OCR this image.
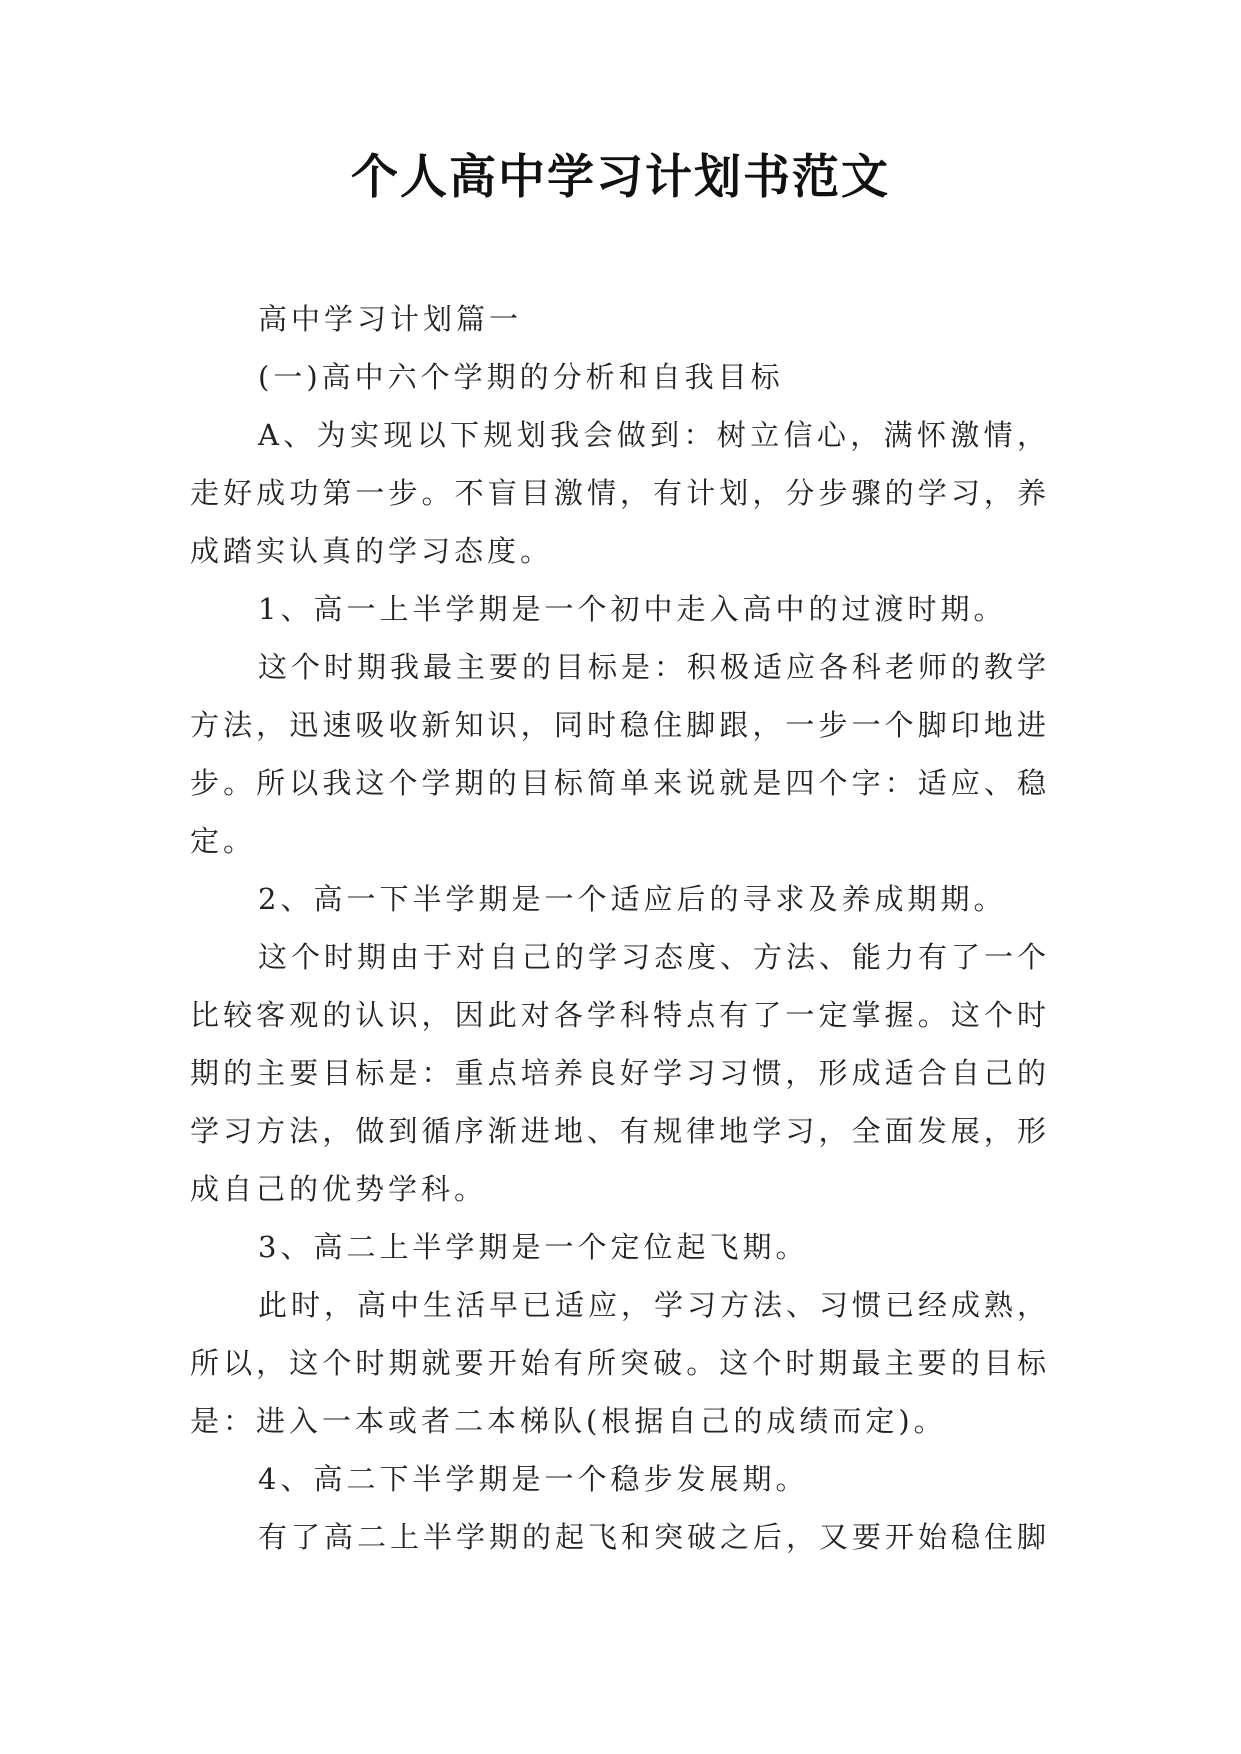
个人高中学习计划书范文

高中学习计划篇一

(一)高中六个学期的分析和自我目标

A、为实现以下规划我会做到：树立信心，满怀激情，走好成功第一步。不盲目激情，有计划，分步骤的学习，养成踏实认真的学习态度。

1、高一上半学期是一个初中走入高中的过渡时期。

这个时期我最主要的目标是：积极适应各科老师的教学方法，迅速吸收新知识，同时稳住脚跟，一步一个脚印地进步。所以我这个学期的目标简单来说就是四个字：适应、稳定。

2、高一下半学期是一个适应后的寻求及养成期期。

这个时期由于对自己的学习态度、方法、能力有了一个比较客观的认识，因此对各学科特点有了一定掌握。这个时期的主要目标是：重点培养良好学习习惯，形成适合自己的学习方法，做到循序渐进地、有规律地学习，全面发展，形成自己的优势学科。

3、高二上半学期是一个定位起飞期。

此时，高中生活早已适应，学习方法、习惯已经成熟，所以，这个时期就要开始有所突破。这个时期最主要的目标是：进入一本或者二本梯队(根据自己的成绩而定)。

4、高二下半学期是一个稳步发展期。

有了高二上半学期的起飞和突破之后，又要开始稳住脚
